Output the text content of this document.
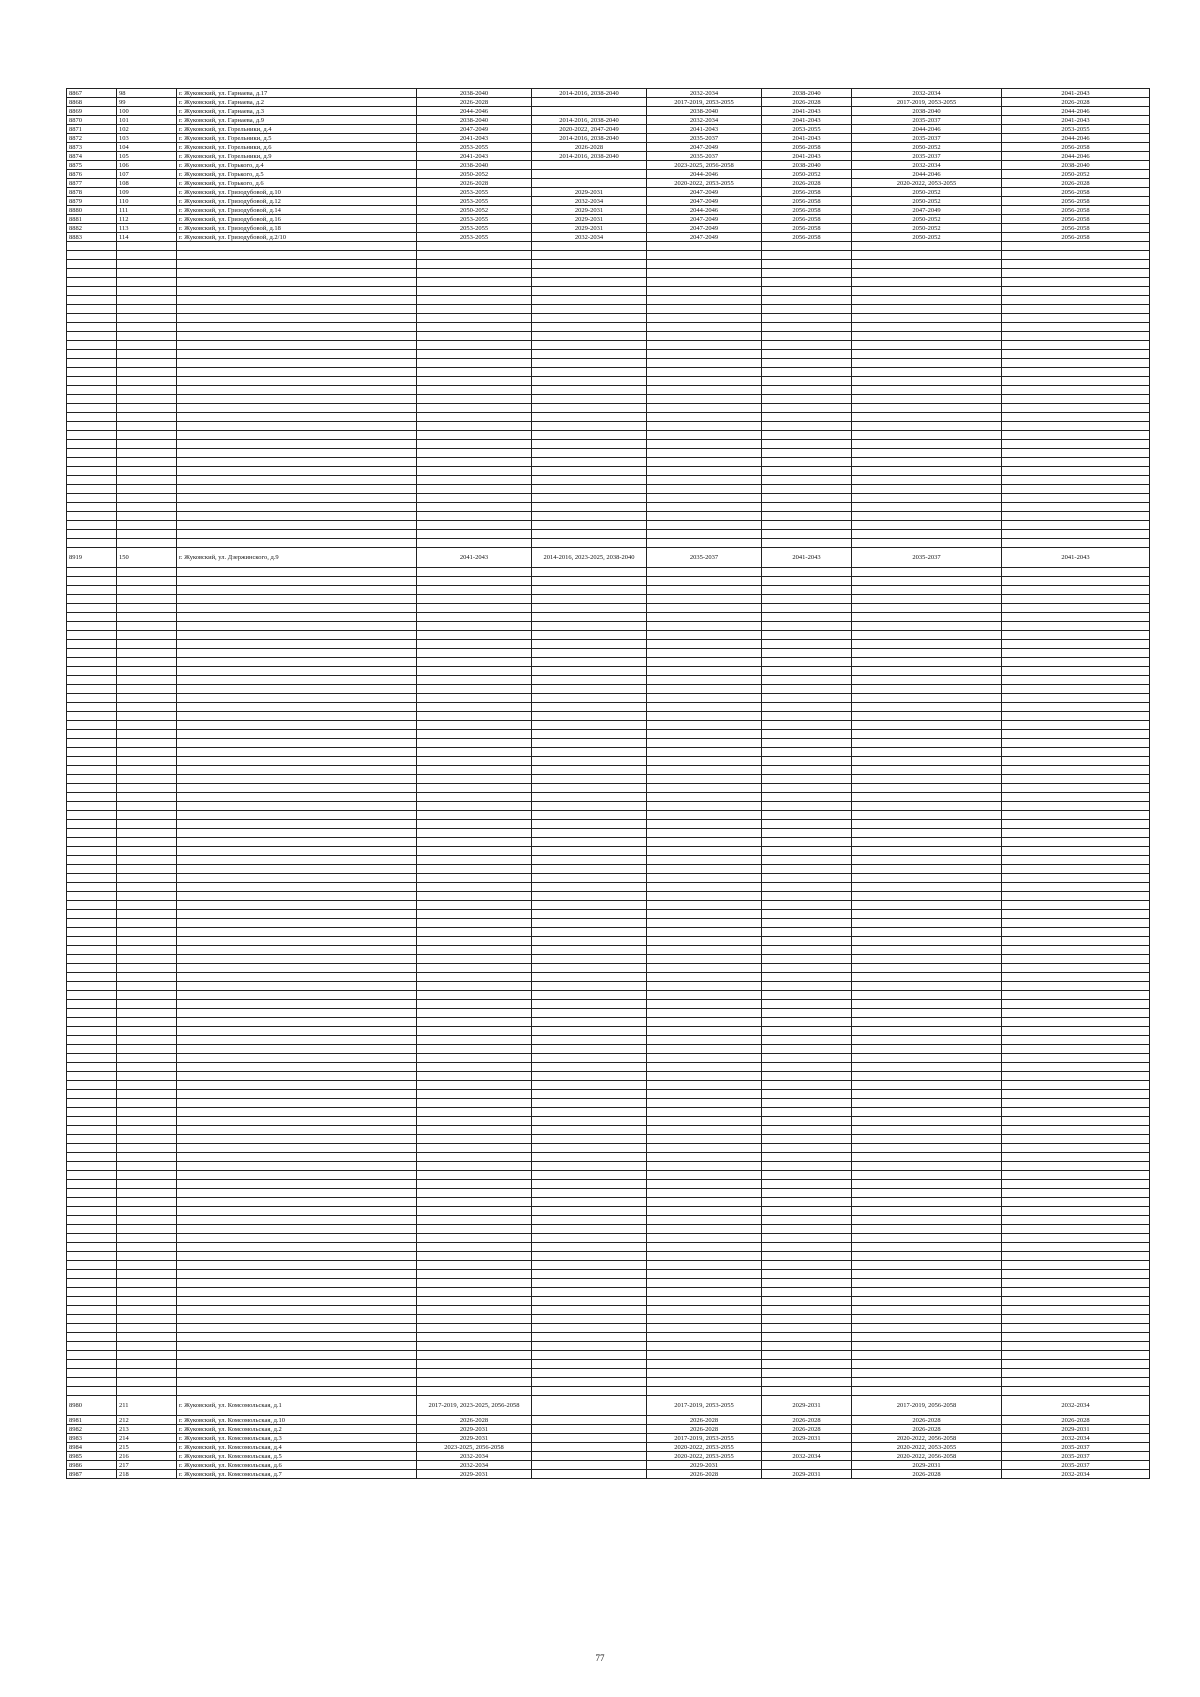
8867	98	г. Жуковский, ул. Гарнаева, д.17	2038-2040	2014-2016, 2038-2040	2032-2034	2038-2040	2032-2034	2041-2043
8868	99	г. Жуковский, ул. Гарнаева, д.2	2026-2028		2017-2019, 2053-2055	2026-2028	2017-2019, 2053-2055	2026-2028
8869	100	г. Жуковский, ул. Гарнаева, д.3	2044-2046		2038-2040	2041-2043	2038-2040	2044-2046
8870	101	г. Жуковский, ул. Гарнаева, д.9	2038-2040	2014-2016, 2038-2040	2032-2034	2041-2043	2035-2037	2041-2043
8871	102	г. Жуковский, ул. Горельники, д.4	2047-2049	2020-2022, 2047-2049	2041-2043	2053-2055	2044-2046	2053-2055
8872	103	г. Жуковский, ул. Горельники, д.5	2041-2043	2014-2016, 2038-2040	2035-2037	2041-2043	2035-2037	2044-2046
8873	104	г. Жуковский, ул. Горельники, д.6	2053-2055	2026-2028	2047-2049	2056-2058	2050-2052	2056-2058
8874	105	г. Жуковский, ул. Горельники, д.9	2041-2043	2014-2016, 2038-2040	2035-2037	2041-2043	2035-2037	2044-2046
8875	106	г. Жуковский, ул. Горького, д.4	2038-2040		2023-2025, 2056-2058	2038-2040	2032-2034	2038-2040
8876	107	г. Жуковский, ул. Горького, д.5	2050-2052		2044-2046	2050-2052	2044-2046	2050-2052
8877	108	г. Жуковский, ул. Горького, д.6	2026-2028		2020-2022, 2053-2055	2026-2028	2020-2022, 2053-2055	2026-2028
8878	109	г. Жуковский, ул. Гризодубовой, д.10	2053-2055	2029-2031	2047-2049	2056-2058	2050-2052	2056-2058
8879	110	г. Жуковский, ул. Гризодубовой, д.12	2053-2055	2032-2034	2047-2049	2056-2058	2050-2052	2056-2058
8880	111	г. Жуковский, ул. Гризодубовой, д.14	2050-2052	2029-2031	2044-2046	2056-2058	2047-2049	2056-2058
8881	112	г. Жуковский, ул. Гризодубовой, д.16	2053-2055	2029-2031	2047-2049	2056-2058	2050-2052	2056-2058
8882	113	г. Жуковский, ул. Гризодубовой, д.18	2053-2055	2029-2031	2047-2049	2056-2058	2050-2052	2056-2058
8883	114	г. Жуковский, ул. Гризодубовой, д.2/10	2053-2055	2032-2034	2047-2049	2056-2058	2050-2052	2056-2058

8919	150	г. Жуковский, ул. Дзержинского, д.9	2041-2043	2014-2016, 2023-2025, 2038-2040	2035-2037	2041-2043	2035-2037	2041-2043

8980	211	г. Жуковский, ул. Комсомольская, д.1	2017-2019, 2023-2025, 2056-2058		2017-2019, 2053-2055	2029-2031	2017-2019, 2056-2058	2032-2034
8981	212	г. Жуковский, ул. Комсомольская, д.10	2026-2028		2026-2028	2026-2028	2026-2028	2026-2028
8982	213	г. Жуковский, ул. Комсомольская, д.2	2029-2031		2026-2028	2026-2028	2026-2028	2029-2031
8983	214	г. Жуковский, ул. Комсомольская, д.3	2029-2031		2017-2019, 2053-2055	2029-2031	2020-2022, 2056-2058	2032-2034
8984	215	г. Жуковский, ул. Комсомольская, д.4	2023-2025, 2056-2058		2020-2022, 2053-2055		2020-2022, 2053-2055	2035-2037
8985	216	г. Жуковский, ул. Комсомольская, д.5	2032-2034		2020-2022, 2053-2055	2032-2034	2020-2022, 2056-2058	2035-2037
8986	217	г. Жуковский, ул. Комсомольская, д.6	2032-2034		2029-2031		2029-2031	2035-2037
8987	218	г. Жуковский, ул. Комсомольская, д.7	2029-2031		2026-2028	2029-2031	2026-2028	2032-2034
77
